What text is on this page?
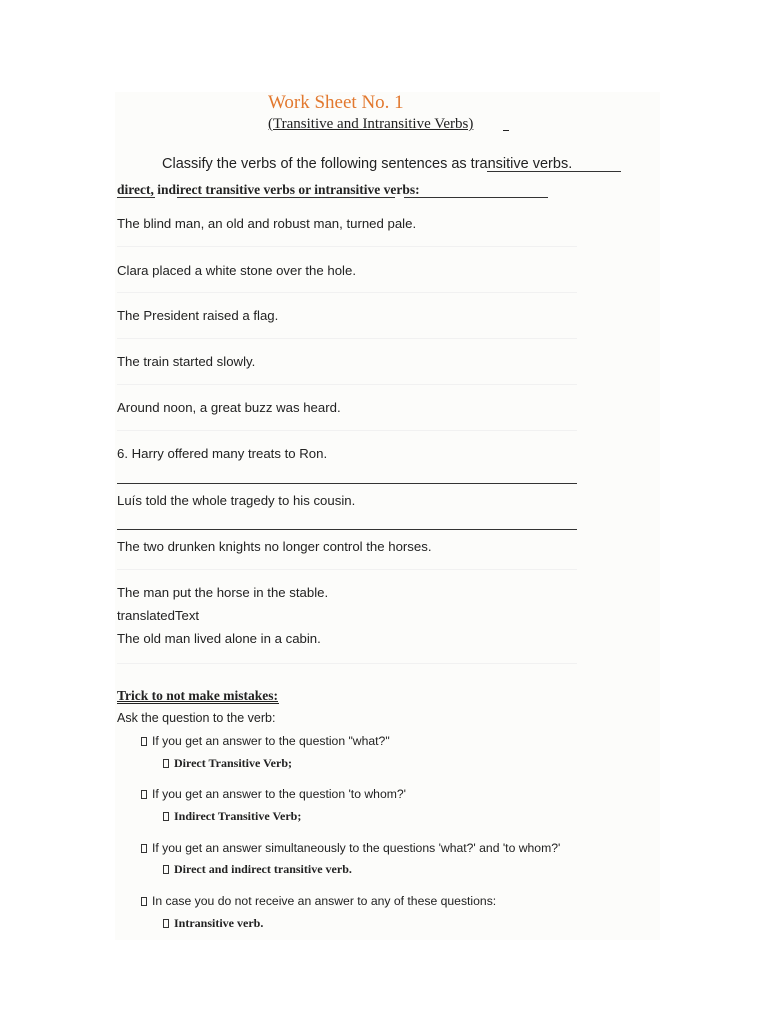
Work Sheet No. 1
(Transitive and Intransitive Verbs)
Classify the verbs of the following sentences as transitive verbs.
direct, indirect transitive verbs or intransitive verbs:
The blind man, an old and robust man, turned pale.
Clara placed a white stone over the hole.
The President raised a flag.
The train started slowly.
Around noon, a great buzz was heard.
6. Harry offered many treats to Ron.
Luís told the whole tragedy to his cousin.
The two drunken knights no longer control the horses.
The man put the horse in the stable.
translatedText
The old man lived alone in a cabin.
Trick to not make mistakes:
Ask the question to the verb:
If you get an answer to the question "what?"
Direct Transitive Verb;
If you get an answer to the question 'to whom?'
Indirect Transitive Verb;
If you get an answer simultaneously to the questions 'what?' and 'to whom?'
Direct and indirect transitive verb.
In case you do not receive an answer to any of these questions:
Intransitive verb.
